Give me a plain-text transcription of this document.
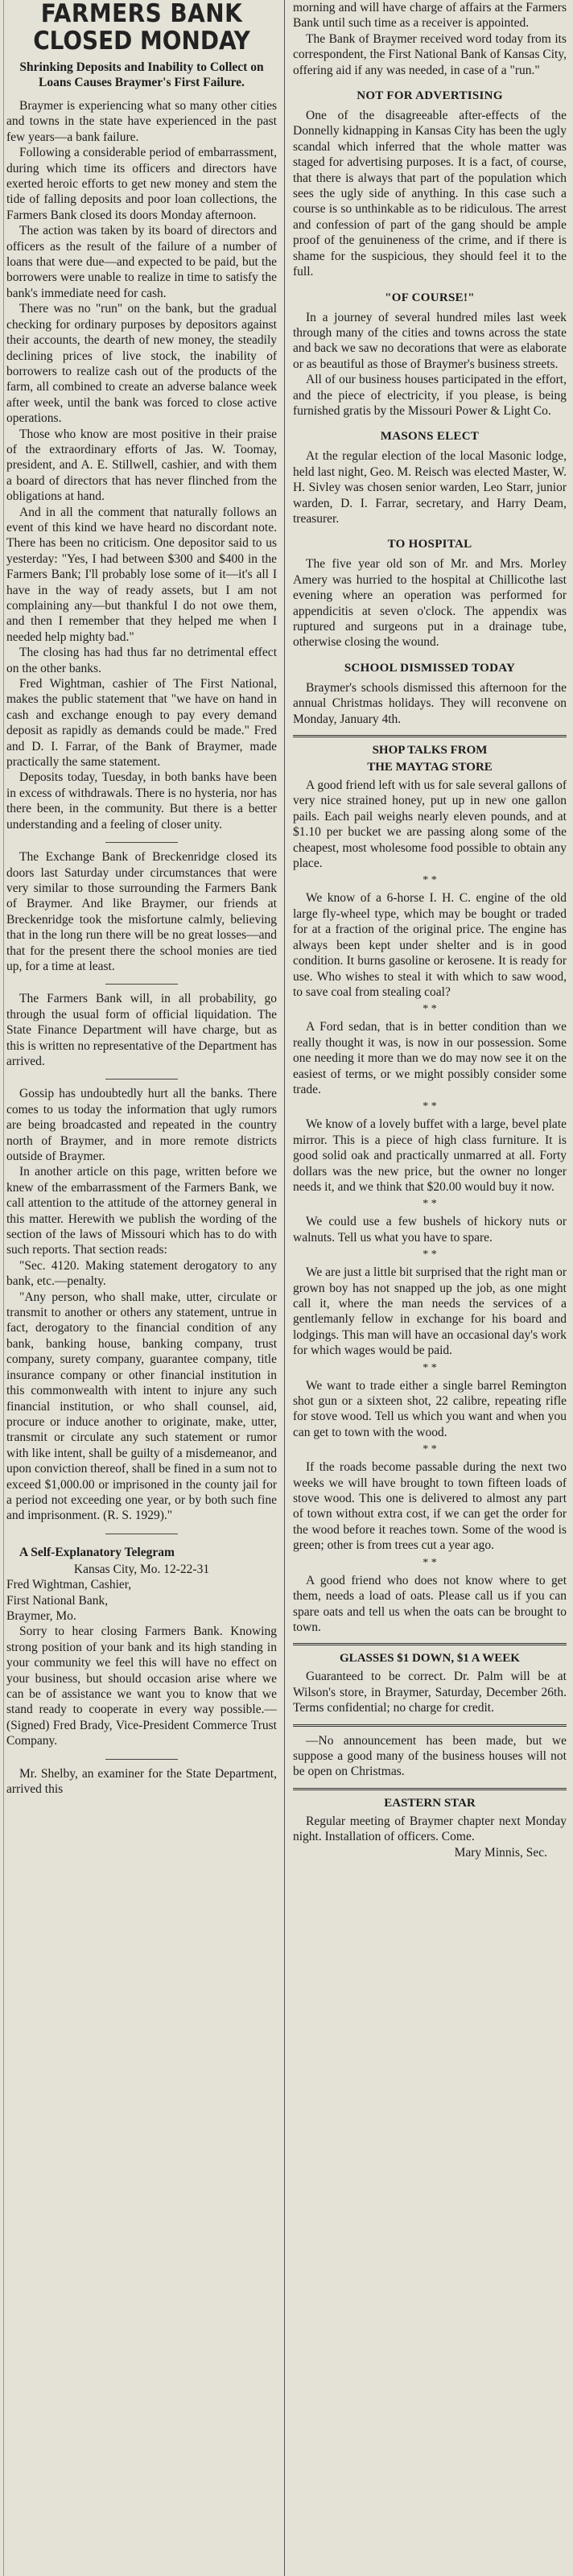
FARMERS BANK
CLOSED MONDAY
Shrinking Deposits and Inability to Collect on Loans Causes Braymer's First Failure.

Braymer is experiencing what so many other cities and towns in the state have experienced in the past few years—a bank failure.

Following a considerable period of embarrassment, during which time its officers and directors have exerted heroic efforts to get new money and stem the tide of falling deposits and poor loan collections, the Farmers Bank closed its doors Monday afternoon.

The action was taken by its board of directors and officers as the result of the failure of a number of loans that were due—and expected to be paid, but the borrowers were unable to realize in time to satisfy the bank's immediate need for cash.

There was no "run" on the bank, but the gradual checking for ordinary purposes by depositors against their accounts, the dearth of new money, the steadily declining prices of live stock, the inability of borrowers to realize cash out of the products of the farm, all combined to create an adverse balance week after week, until the bank was forced to close active operations.

Those who know are most positive in their praise of the extraordinary efforts of Jas. W. Toomay, president, and A. E. Stillwell, cashier, and with them a board of directors that has never flinched from the obligations at hand.

And in all the comment that naturally follows an event of this kind we have heard no discordant note. There has been no criticism. One depositor said to us yesterday: "Yes, I had between $300 and $400 in the Farmers Bank; I'll probably lose some of it—it's all I have in the way of ready assets, but I am not complaining any—but thankful I do not owe them, and then I remember that they helped me when I needed help mighty bad."

The closing has had thus far no detrimental effect on the other banks.

Fred Wightman, cashier of The First National, makes the public statement that "we have on hand in cash and exchange enough to pay every demand deposit as rapidly as demands could be made." Fred and D. I. Farrar, of the Bank of Braymer, made practically the same statement.

Deposits today, Tuesday, in both banks have been in excess of withdrawals. There is no hysteria, nor has there been, in the community. But there is a better understanding and a feeling of closer unity.

The Exchange Bank of Breckenridge closed its doors last Saturday under circumstances that were very similar to those surrounding the Farmers Bank of Braymer. And like Braymer, our friends at Breckenridge took the misfortune calmly, believing that in the long run there will be no great losses—and that for the present there the school monies are tied up, for a time at least.

The Farmers Bank will, in all probability, go through the usual form of official liquidation. The State Finance Department will have charge, but as this is written no representative of the Department has arrived.

Gossip has undoubtedly hurt all the banks. There comes to us today the information that ugly rumors are being broadcasted and repeated in the country north of Braymer, and in more remote districts outside of Braymer.

In another article on this page, written before we knew of the embarrassment of the Farmers Bank, we call attention to the attitude of the attorney general in this matter. Herewith we publish the wording of the section of the laws of Missouri which has to do with such reports. That section reads:

"Sec. 4120. Making statement derogatory to any bank, etc.—penalty.

"Any person, who shall make, utter, circulate or transmit to another or others any statement, untrue in fact, derogatory to the financial condition of any bank, banking house, banking company, trust company, surety company, guarantee company, title insurance company or other financial institution in this commonwealth with intent to injure any such financial institution, or who shall counsel, aid, procure or induce another to originate, make, utter, transmit or circulate any such statement or rumor with like intent, shall be guilty of a misdemeanor, and upon conviction thereof, shall be fined in a sum not to exceed $1,000.00 or imprisoned in the county jail for a period not exceeding one year, or by both such fine and imprisonment. (R. S. 1929)."

A Self-Explanatory Telegram
Kansas City, Mo. 12-22-31

Fred Wightman, Cashier,

First National Bank,

Braymer, Mo.

Sorry to hear closing Farmers Bank. Knowing strong position of your bank and its high standing in your community we feel this will have no effect on your business, but should occasion arise where we can be of assistance we want you to know that we stand ready to cooperate in every way possible.—(Signed) Fred Brady, Vice-President Commerce Trust Company.

Mr. Shelby, an examiner for the State Department, arrived this

morning and will have charge of affairs at the Farmers Bank until such time as a receiver is appointed.

The Bank of Braymer received word today from its correspondent, the First National Bank of Kansas City, offering aid if any was needed, in case of a "run."

NOT FOR ADVERTISING

One of the disagreeable after-effects of the Donnelly kidnapping in Kansas City has been the ugly scandal which inferred that the whole matter was staged for advertising purposes. It is a fact, of course, that there is always that part of the population which sees the ugly side of anything. In this case such a course is so unthinkable as to be ridiculous. The arrest and confession of part of the gang should be ample proof of the genuineness of the crime, and if there is shame for the suspicious, they should feel it to the full.

"OF COURSE!"

In a journey of several hundred miles last week through many of the cities and towns across the state and back we saw no decorations that were as elaborate or as beautiful as those of Braymer's business streets.

All of our business houses participated in the effort, and the piece of electricity, if you please, is being furnished gratis by the Missouri Power & Light Co.

MASONS ELECT

At the regular election of the local Masonic lodge, held last night, Geo. M. Reisch was elected Master, W. H. Sivley was chosen senior warden, Leo Starr, junior warden, D. I. Farrar, secretary, and Harry Deam, treasurer.

TO HOSPITAL

The five year old son of Mr. and Mrs. Morley Amery was hurried to the hospital at Chillicothe last evening where an operation was performed for appendicitis at seven o'clock. The appendix was ruptured and surgeons put in a drainage tube, otherwise closing the wound.

SCHOOL DISMISSED TODAY

Braymer's schools dismissed this afternoon for the annual Christmas holidays. They will reconvene on Monday, January 4th.

SHOP TALKS FROM
THE MAYTAG STORE

A good friend left with us for sale several gallons of very nice strained honey, put up in new one gallon pails. Each pail weighs nearly eleven pounds, and at $1.10 per bucket we are passing along some of the cheapest, most wholesome food possible to obtain any place.

* *

We know of a 6-horse I. H. C. engine of the old large fly-wheel type, which may be bought or traded for at a fraction of the original price. The engine has always been kept under shelter and is in good condition. It burns gasoline or kerosene. It is ready for use. Who wishes to steal it with which to saw wood, to save coal from stealing coal?

* *

A Ford sedan, that is in better condition than we really thought it was, is now in our possession. Some one needing it more than we do may now see it on the easiest of terms, or we might possibly consider some trade.

* *

We know of a lovely buffet with a large, bevel plate mirror. This is a piece of high class furniture. It is good solid oak and practically unmarred at all. Forty dollars was the new price, but the owner no longer needs it, and we think that $20.00 would buy it now.

* *

We could use a few bushels of hickory nuts or walnuts. Tell us what you have to spare.

* *

We are just a little bit surprised that the right man or grown boy has not snapped up the job, as one might call it, where the man needs the services of a gentlemanly fellow in exchange for his board and lodgings. This man will have an occasional day's work for which wages would be paid.

* *

We want to trade either a single barrel Remington shot gun or a sixteen shot, 22 calibre, repeating rifle for stove wood. Tell us which you want and when you can get to town with the wood.

* *

If the roads become passable during the next two weeks we will have brought to town fifteen loads of stove wood. This one is delivered to almost any part of town without extra cost, if we can get the order for the wood before it reaches town. Some of the wood is green; other is from trees cut a year ago.

* *

A good friend who does not know where to get them, needs a load of oats. Please call us if you can spare oats and tell us when the oats can be brought to town.

GLASSES $1 DOWN, $1 A WEEK

Guaranteed to be correct. Dr. Palm will be at Wilson's store, in Braymer, Saturday, December 26th. Terms confidential; no charge for credit.

—No announcement has been made, but we suppose a good many of the business houses will not be open on Christmas.

EASTERN STAR

Regular meeting of Braymer chapter next Monday night. Installation of officers. Come.

Mary Minnis, Sec.
